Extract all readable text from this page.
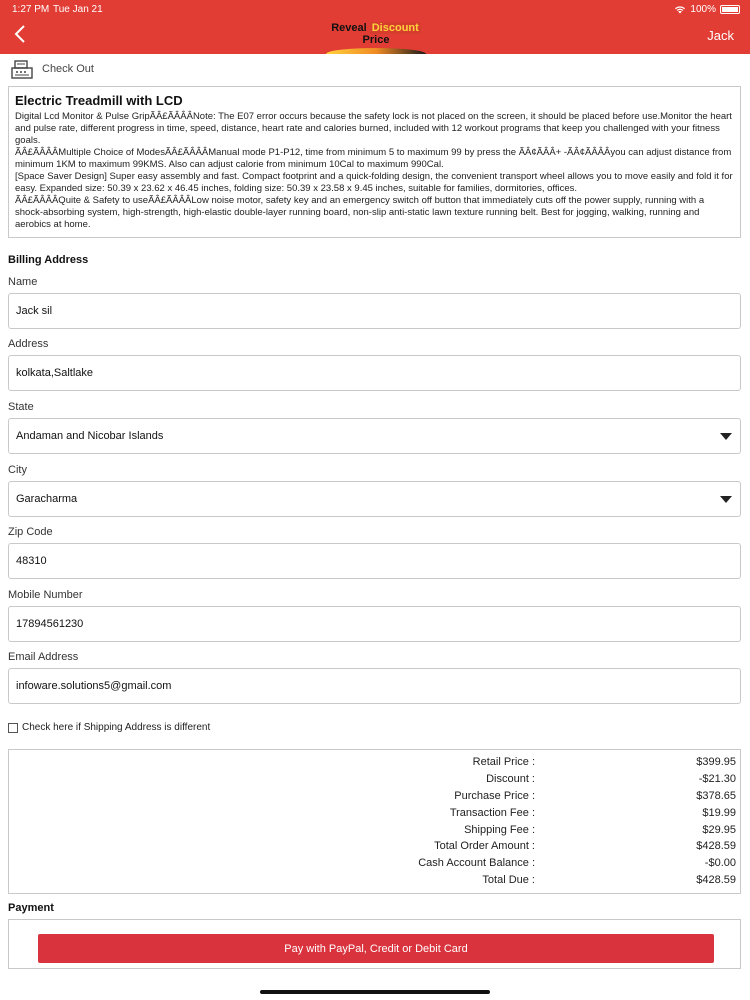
1:27 PM Tue Jan 21	100%
Reveal Discount Price	Jack
Check Out
Electric Treadmill with LCD

Digital Lcd Monitor & Pulse GripÃÂ£ÃÂÂÂNote: The E07 error occurs because the safety lock is not placed on the screen, it should be placed before use.Monitor the heart and pulse rate, different progress in time, speed, distance, heart rate and calories burned, included with 12 workout programs that keep you challenged with your fitness goals.
ÃÂ£ÃÂÂÂMultiple Choice of ModesÃÂ£ÃÂÂÂManual mode P1-P12, time from minimum 5 to maximum 99 by press the ÃÂ¢ÃÂÂ+ -ÃÂ¢ÃÂÂÂyou can adjust distance from minimum 1KM to maximum 99KMS. Also can adjust calorie from minimum 10Cal to maximum 990Cal.
[Space Saver Design] Super easy assembly and fast. Compact footprint and a quick-folding design, the convenient transport wheel allows you to move easily and fold it for easy. Expanded size: 50.39 x 23.62 x 46.45 inches, folding size: 50.39 x 23.58 x 9.45 inches, suitable for families, dormitories, offices.
ÃÂ£ÃÂÂÂQuite & Safety to useÃÂ£ÃÂÂÂLow noise motor, safety key and an emergency switch off button that immediately cuts off the power supply, running with a shock-absorbing system, high-strength, high-elastic double-layer running board, non-slip anti-static lawn texture running belt. Best for jogging, walking, running and aerobics at home.

Billing Address
Name
Jack sil
Address
kolkata,Saltlake
State
Andaman and Nicobar Islands
City
Garacharma
Zip Code
48310
Mobile Number
17894561230
Email Address
infoware.solutions5@gmail.com
Check here if Shipping Address is different
Retail Price :	$399.95
Discount :	-$21.30
Purchase Price :	$378.65
Transaction Fee :	$19.99
Shipping Fee :	$29.95
Total Order Amount :	$428.59
Cash Account Balance :	-$0.00
Total Due :	$428.59
Payment
Pay with PayPal, Credit or Debit Card
